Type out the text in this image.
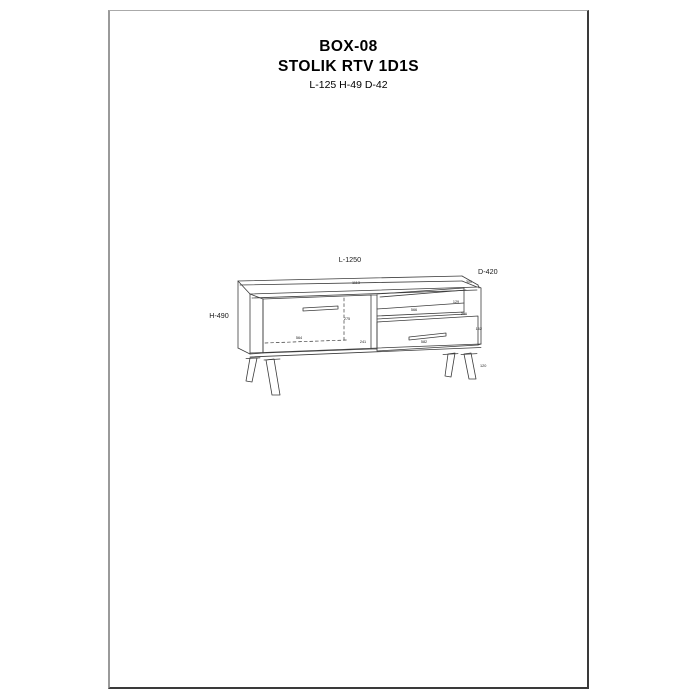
BOX-08
STOLIK RTV 1D1S
L-125 H-49 D-42
L-1250
D-420
H-490
1113	300
129
566
201
275
564
241	582
162
120
